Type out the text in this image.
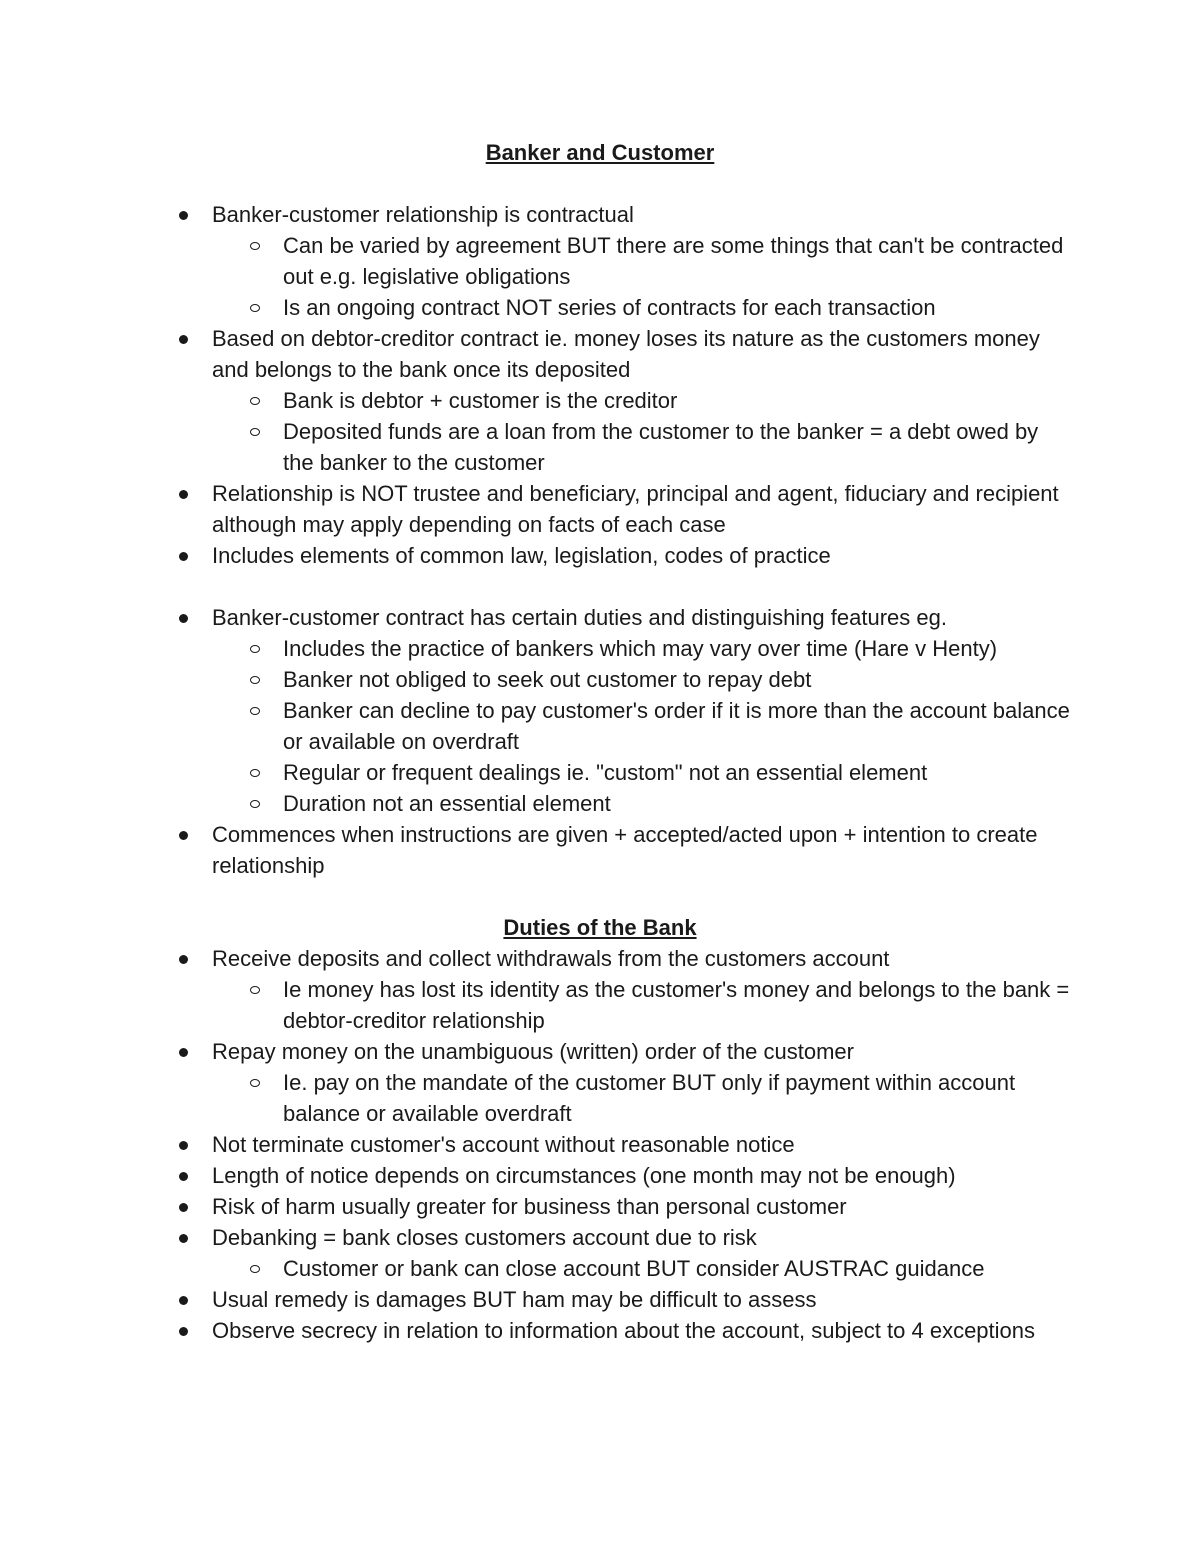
Banker and Customer
Banker-customer relationship is contractual
Can be varied by agreement BUT there are some things that can't be contracted out e.g. legislative obligations
Is an ongoing contract NOT series of contracts for each transaction
Based on debtor-creditor contract ie. money loses its nature as the customers money and belongs to the bank once its deposited
Bank is debtor + customer is the creditor
Deposited funds are a loan from the customer to the banker = a debt owed by the banker to the customer
Relationship is NOT trustee and beneficiary, principal and agent, fiduciary and recipient although may apply depending on facts of each case
Includes elements of common law, legislation, codes of practice
Banker-customer contract has certain duties and distinguishing features eg.
Includes the practice of bankers which may vary over time (Hare v Henty)
Banker not obliged to seek out customer to repay debt
Banker can decline to pay customer's order if it is more than the account balance or available on overdraft
Regular or frequent dealings ie. "custom" not an essential element
Duration not an essential element
Commences when instructions are given + accepted/acted upon + intention to create relationship
Duties of the Bank
Receive deposits and collect withdrawals from the customers account
Ie money has lost its identity as the customer's money and belongs to the bank = debtor-creditor relationship
Repay money on the unambiguous (written) order of the customer
Ie. pay on the mandate of the customer BUT only if payment within account balance or available overdraft
Not terminate customer's account without reasonable notice
Length of notice depends on circumstances (one month may not be enough)
Risk of harm usually greater for business than personal customer
Debanking = bank closes customers account due to risk
Customer or bank can close account BUT consider AUSTRAC guidance
Usual remedy is damages BUT ham may be difficult to assess
Observe secrecy in relation to information about the account, subject to 4 exceptions
